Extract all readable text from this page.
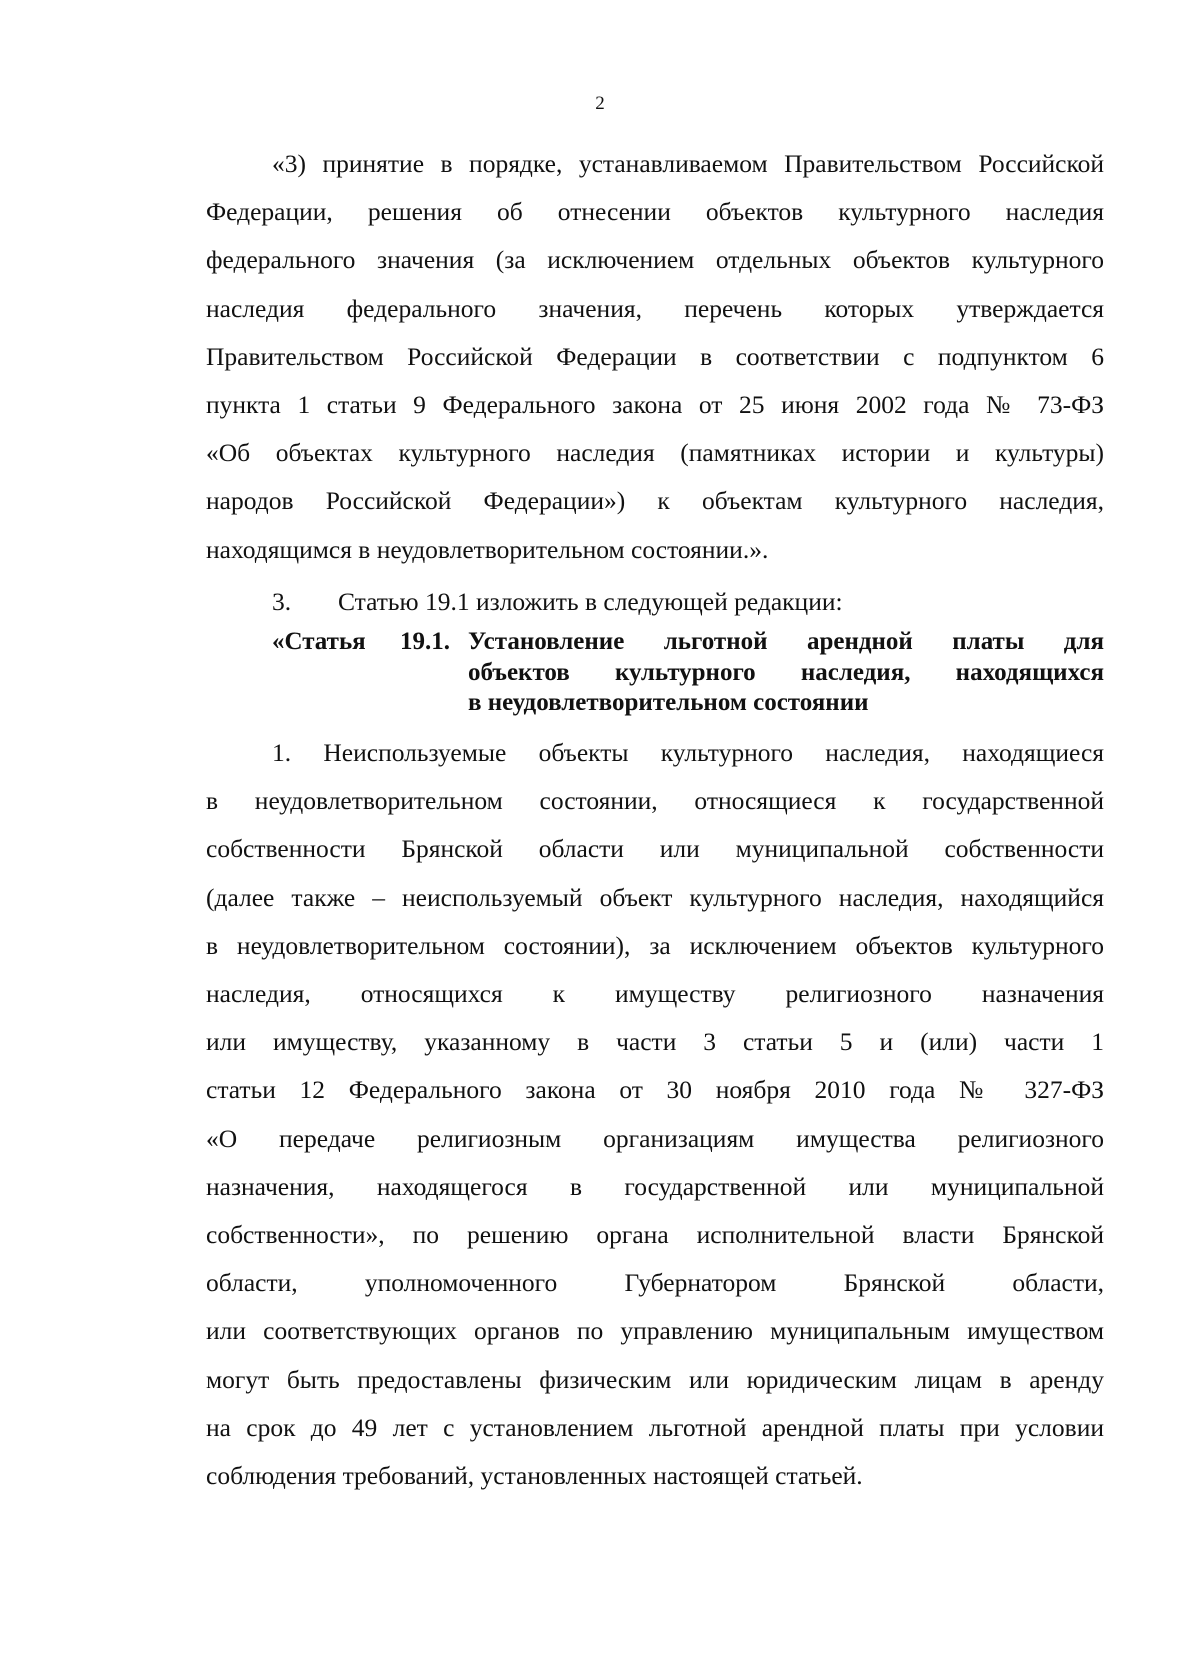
2

«3) принятие в порядке, устанавливаемом Правительством Российской

Федерации, решения об отнесении объектов культурного наследия

федерального значения (за исключением отдельных объектов культурного

наследия федерального значения, перечень которых утверждается

Правительством Российской Федерации в соответствии с подпунктом 6

пункта 1 статьи 9 Федерального закона от 25 июня 2002 года № 73-ФЗ

«Об объектах культурного наследия (памятниках истории и культуры)

народов Российской Федерации») к объектам культурного наследия,

находящимся в неудовлетворительном состоянии.».

3. Статью 19.1 изложить в следующей редакции:
«Статья 19.1. Установление льготной арендной платы для

объектов культурного наследия, находящихся

в неудовлетворительном состоянии

1. Неиспользуемые объекты культурного наследия, находящиеся

в неудовлетворительном состоянии, относящиеся к государственной

собственности Брянской области или муниципальной собственности

(далее также – неиспользуемый объект культурного наследия, находящийся

в неудовлетворительном состоянии), за исключением объектов культурного

наследия, относящихся к имуществу религиозного назначения

или имуществу, указанному в части 3 статьи 5 и (или) части 1

статьи 12 Федерального закона от 30 ноября 2010 года № 327-ФЗ

«О передаче религиозным организациям имущества религиозного

назначения, находящегося в государственной или муниципальной

собственности», по решению органа исполнительной власти Брянской

области, уполномоченного Губернатором Брянской области,

или соответствующих органов по управлению муниципальным имуществом

могут быть предоставлены физическим или юридическим лицам в аренду

на срок до 49 лет с установлением льготной арендной платы при условии

соблюдения требований, установленных настоящей статьей.
